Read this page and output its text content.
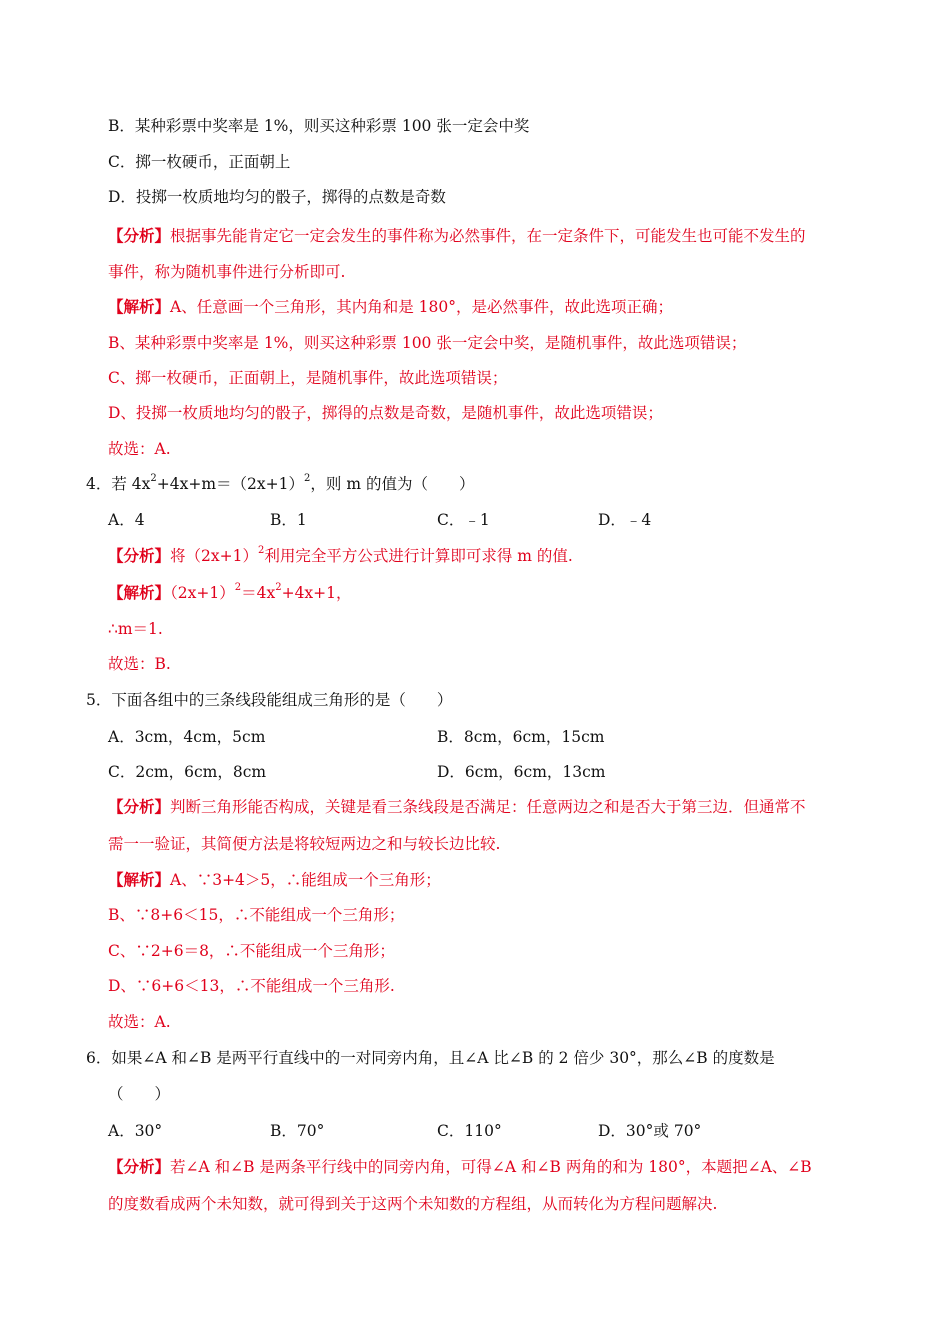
B．某种彩票中奖率是 1%，则买这种彩票 100 张一定会中奖
C．掷一枚硬币，正面朝上
D．投掷一枚质地均匀的骰子，掷得的点数是奇数
【分析】根据事先能肯定它一定会发生的事件称为必然事件，在一定条件下，可能发生也可能不发生的
事件，称为随机事件进行分析即可.
【解析】A、任意画一个三角形，其内角和是 180°，是必然事件，故此选项正确；
B、某种彩票中奖率是 1%，则买这种彩票 100 张一定会中奖，是随机事件，故此选项错误；
C、掷一枚硬币，正面朝上，是随机事件，故此选项错误；
D、投掷一枚质地均匀的骰子，掷得的点数是奇数，是随机事件，故此选项错误；
故选：A.
4．若 $4x^2+4x+m=(2x+1)^2$，则 m 的值为（　　）
A．4	B．1	C．﹣1	D．﹣4
【分析】将$(2x+1)^2$利用完全平方公式进行计算即可求得 m 的值.
【解析】$(2x+1)^2=4x^2+4x+1$，
∴m＝1.
故选：B.
5．下面各组中的三条线段能组成三角形的是（　　）
A．3cm，4cm，5cm	B．8cm，6cm，15cm
C．2cm，6cm，8cm	D．6cm，6cm，13cm
【分析】判断三角形能否构成，关键是看三条线段是否满足：任意两边之和是否大于第三边．但通常不
需一一验证，其简便方法是将较短两边之和与较长边比较.
【解析】A、∵3+4＞5，∴能组成一个三角形；
B、∵8+6＜15，∴不能组成一个三角形；
C、∵2+6＝8，∴不能组成一个三角形；
D、∵6+6＜13，∴不能组成一个三角形.
故选：A.
6．如果∠A 和∠B 是两平行直线中的一对同旁内角，且∠A 比∠B 的 2 倍少 30°，那么∠B 的度数是
（　　）
A．30°	B．70°	C．110°	D．30°或 70°
【分析】若∠A 和∠B 是两条平行线中的同旁内角，可得∠A 和∠B 两角的和为 180°，本题把∠A、∠B
的度数看成两个未知数，就可得到关于这两个未知数的方程组，从而转化为方程问题解决.
